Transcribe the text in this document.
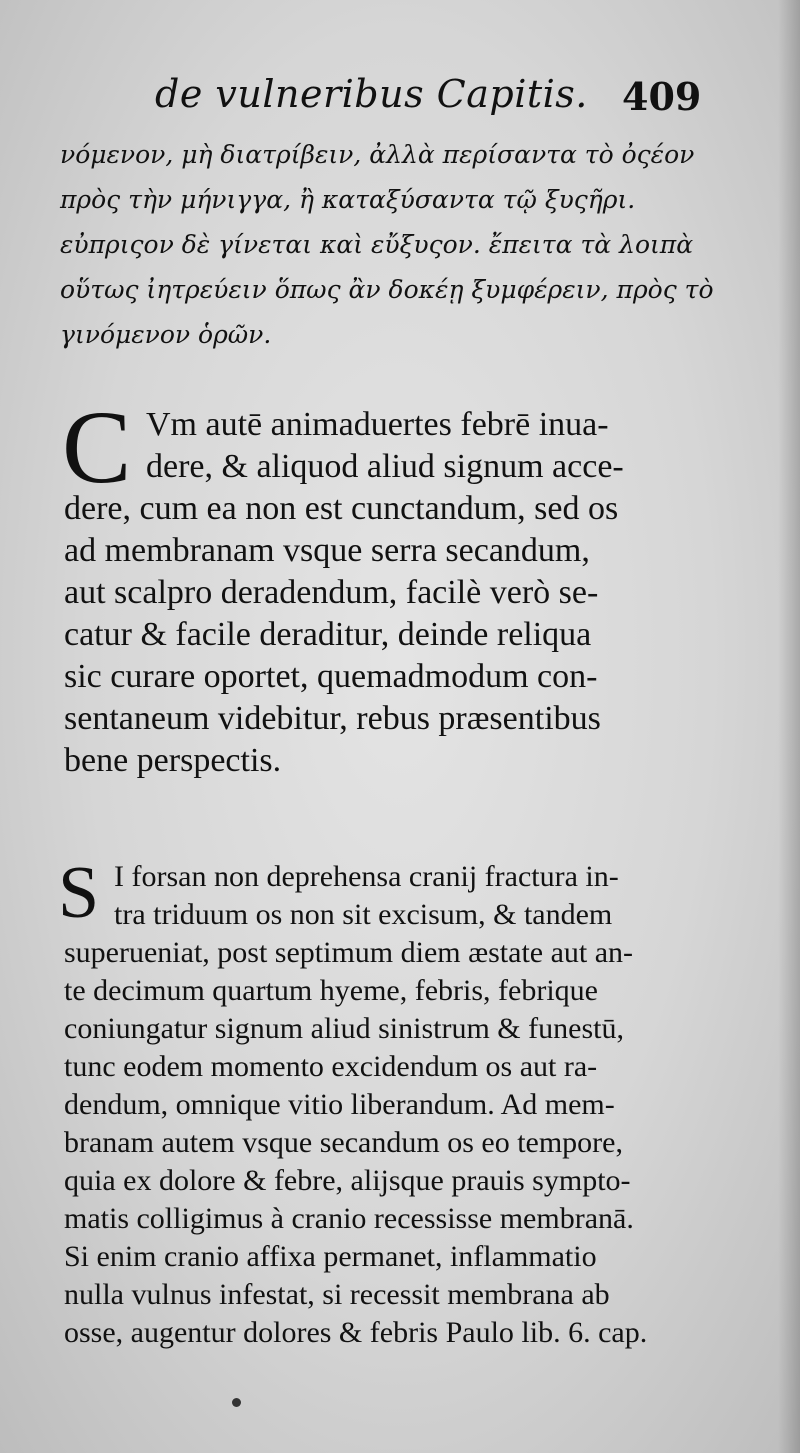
de vulneribus Capitis. 409
νόμενον, μὴ διατρίβειν, ἀλλὰ περίσαντα τὸ ὀςέον
πρὸς τὴν μήνιγγα, ἢ καταξύσαντα τῷ ξυςῆρι.
εὐπριςον δὲ γίνεται καὶ εὔξυςον. ἔπειτα τὰ λοιπὰ
οὕτως ἰητρεύειν ὅπως ἂν δοκέῃ ξυμφέρειν, πρὸς τὸ
γινόμενον ὁρῶν.
C Vm autē animaduertes febrē inua-
dere, & aliquod aliud signum acce-
dere, cum ea non est cunctandum, sed os
ad membranam vsque serra secandum,
aut scalpro deradendum, facilè verò se-
catur & facile deraditur, deinde reliqua
sic curare oportet, quemadmodum con-
sentaneum videbitur, rebus præsentibus
bene perspectis.
S I forsan non deprehensa cranij fractura in-
tra triduum os non sit excisum, & tandem
superueniat, post septimum diem æstate aut an-
te decimum quartum hyeme, febris, febrique
coniungatur signum aliud sinistrum & funestū,
tunc eodem momento excidendum os aut ra-
dendum, omnique vitio liberandum. Ad mem-
branam autem vsque secandum os eo tempore,
quia ex dolore & febre, alijsque prauis sympto-
matis colligimus à cranio recessisse membranā.
Si enim cranio affixa permanet, inflammatio
nulla vulnus infestat, si recessit membrana ab
osse, augentur dolores & febris Paulo lib. 6. cap.
